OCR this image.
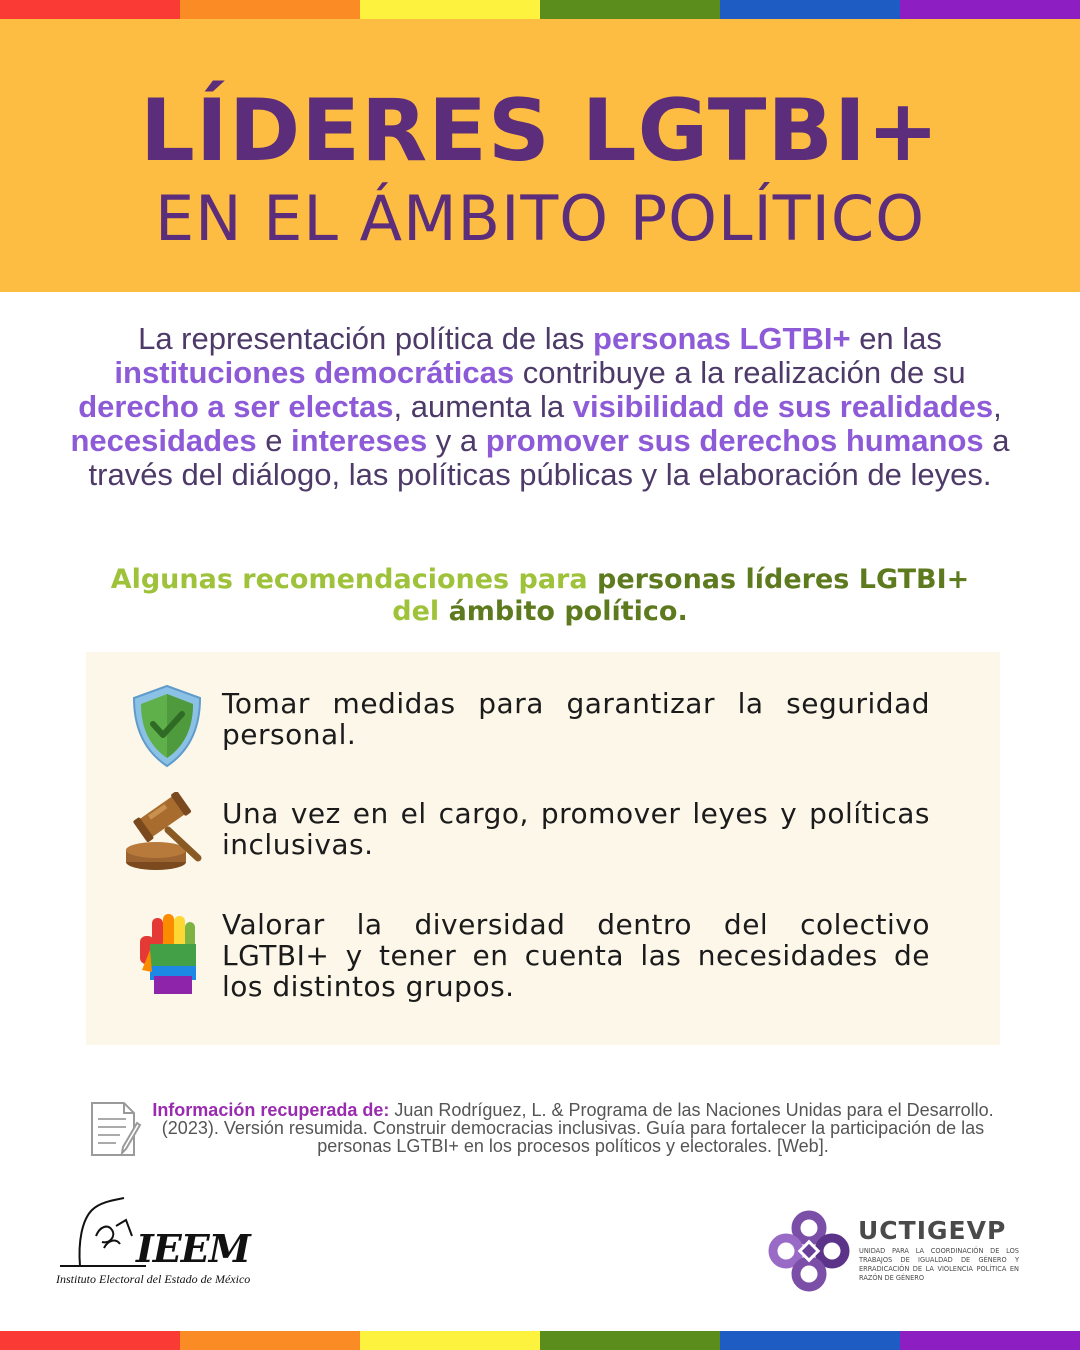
LÍDERES LGTBI+
EN EL ÁMBITO POLÍTICO
La representación política de las personas LGTBI+ en las instituciones democráticas contribuye a la realización de su derecho a ser electas, aumenta la visibilidad de sus realidades, necesidades e intereses y a promover sus derechos humanos a través del diálogo, las políticas públicas y la elaboración de leyes.
Algunas recomendaciones para personas líderes LGTBI+ del ámbito político.
Tomar medidas para garantizar la seguridad personal.
Una vez en el cargo, promover leyes y políticas inclusivas.
Valorar la diversidad dentro del colectivo LGTBI+ y tener en cuenta las necesidades de los distintos grupos.
Información recuperada de: Juan Rodríguez, L. & Programa de las Naciones Unidas para el Desarrollo. (2023). Versión resumida. Construir democracias inclusivas. Guía para fortalecer la participación de las personas LGTBI+ en los procesos políticos y electorales. [Web].
IEEM
Instituto Electoral del Estado de México
UCTIGEVP
UNIDAD PARA LA COORDINACIÓN DE LOS TRABAJOS DE IGUALDAD DE GÉNERO Y ERRADICACIÓN DE LA VIOLENCIA POLÍTICA EN RAZÓN DE GÉNERO
